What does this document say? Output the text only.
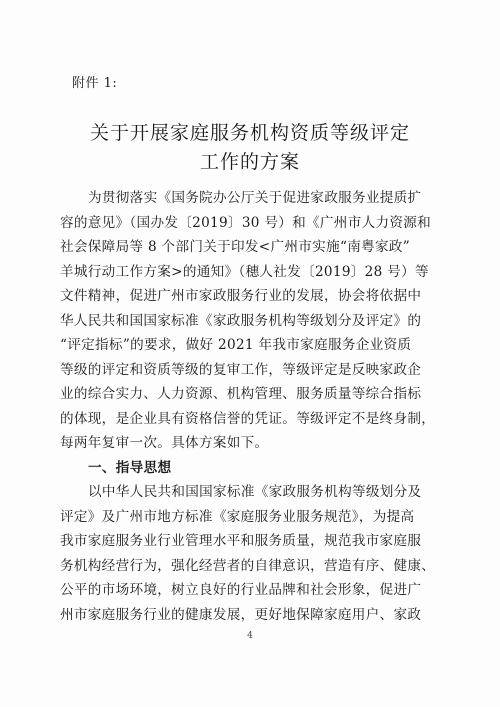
附件 1:
关于开展家庭服务机构资质等级评定
工作的方案
为贯彻落实《国务院办公厅关于促进家政服务业提质扩
容的意见》（国办发〔2019〕30 号）和《广州市人力资源和
社会保障局等 8 个部门关于印发<广州市实施“南粤家政”
羊城行动工作方案>的通知》（穗人社发〔2019〕28 号）等
文件精神，促进广州市家政服务行业的发展，协会将依据中
华人民共和国国家标准《家政服务机构等级划分及评定》的
“评定指标”的要求，做好 2021 年我市家庭服务企业资质
等级的评定和资质等级的复审工作，等级评定是反映家政企
业的综合实力、人力资源、机构管理、服务质量等综合指标
的体现，是企业具有资格信誉的凭证。等级评定不是终身制，
每两年复审一次。具体方案如下。
一、指导思想
以中华人民共和国国家标准《家政服务机构等级划分及
评定》及广州市地方标准《家庭服务业服务规范》，为提高
我市家庭服务业行业管理水平和服务质量，规范我市家庭服
务机构经营行为，强化经营者的自律意识，营造有序、健康、
公平的市场环境，树立良好的行业品牌和社会形象，促进广
州市家庭服务行业的健康发展，更好地保障家庭用户、家政
4
